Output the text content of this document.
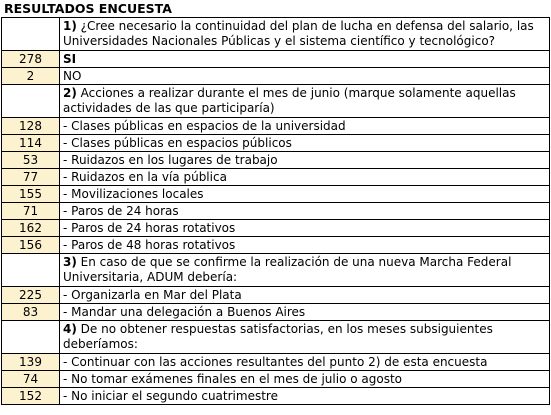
RESULTADOS ENCUESTA
	1) ¿Cree necesario la continuidad del plan de lucha en defensa del salario, las
Universidades Nacionales Públicas y el sistema científico y tecnológico?
278	SI
2	NO
	2) Acciones a realizar durante el mes de junio (marque solamente aquellas
actividades de las que participaría)
128	- Clases públicas en espacios de la universidad
114	- Clases públicas en espacios públicos
53	- Ruidazos en los lugares de trabajo
77	- Ruidazos en la vía pública
155	- Movilizaciones locales
71	- Paros de 24 horas
162	- Paros de 24 horas rotativos
156	- Paros de 48 horas rotativos
	3) En caso de que se confirme la realización de una nueva Marcha Federal
Universitaria, ADUM debería:
225	- Organizarla en Mar del Plata
83	- Mandar una delegación a Buenos Aires
	4) De no obtener respuestas satisfactorias, en los meses subsiguientes
deberíamos:
139	- Continuar con las acciones resultantes del punto 2) de esta encuesta
74	- No tomar exámenes finales en el mes de julio o agosto
152	- No iniciar el segundo cuatrimestre
